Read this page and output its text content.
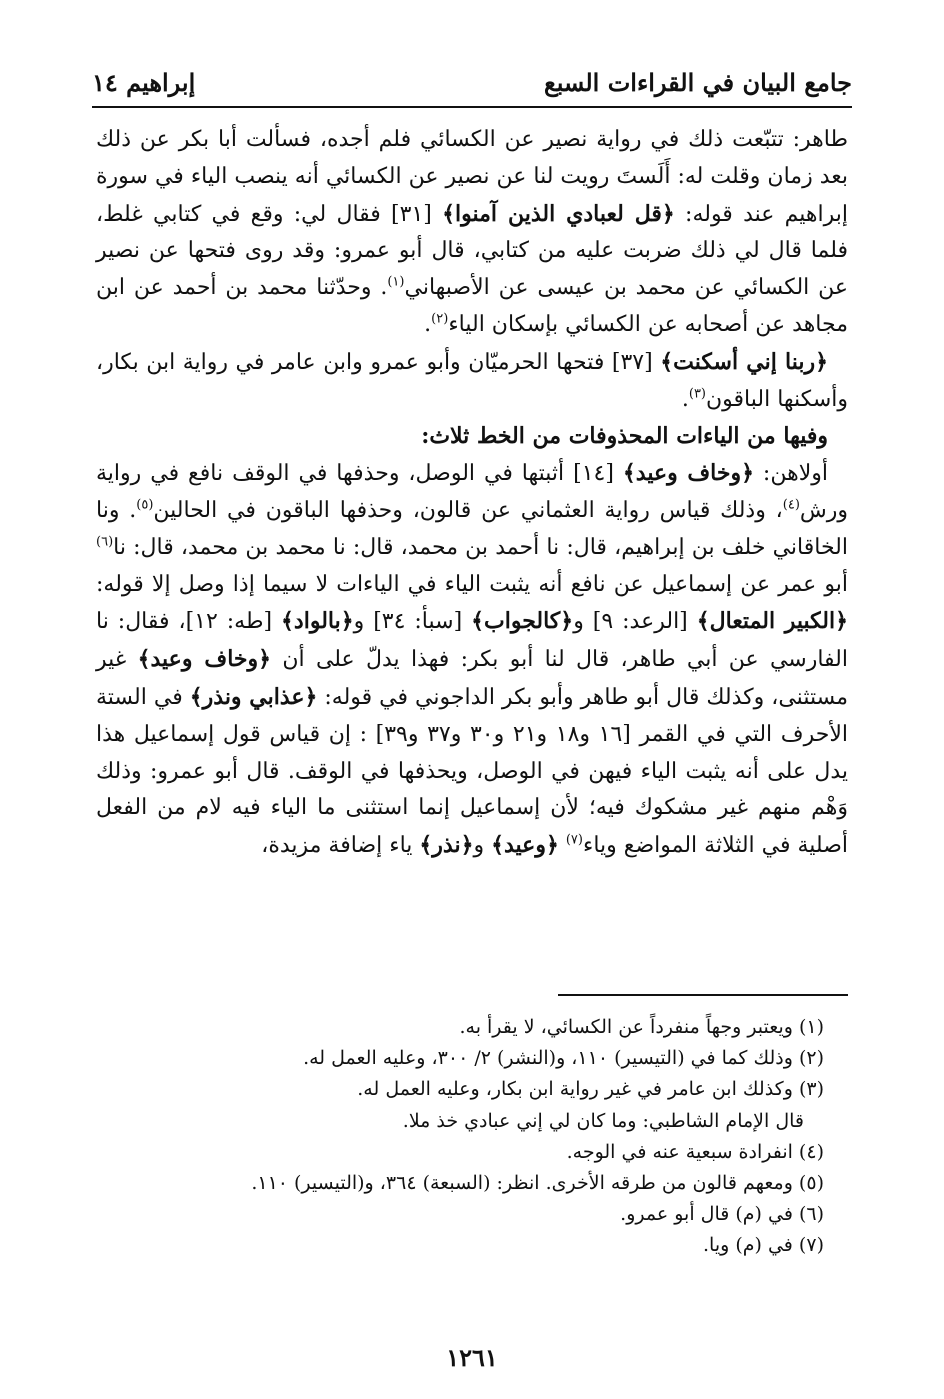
جامع البيان في القراءات السبع
إبراهيم ١٤

طاهر: تتبّعت ذلك في رواية نصير عن الكسائي فلم أجده، فسألت أبا بكر عن ذلك بعد زمان وقلت له: أَلَستَ رويت لنا عن نصير عن الكسائي أنه ينصب الياء في سورة إبراهيم عند قوله: ﴿قل لعبادي الذين آمنوا﴾ [٣١] فقال لي: وقع في كتابي غلط، فلما قال لي ذلك ضربت عليه من كتابي، قال أبو عمرو: وقد روى فتحها عن نصير عن الكسائي عن محمد بن عيسى عن الأصبهاني$^{(١)}$. وحدّثنا محمد بن أحمد عن ابن مجاهد عن أصحابه عن الكسائي بإسكان الياء$^{(٢)}$.

﴿ربنا إني أسكنت﴾ [٣٧] فتحها الحرميّان وأبو عمرو وابن عامر في رواية ابن بكار، وأسكنها الباقون$^{(٣)}$.

وفيها من الياءات المحذوفات من الخط ثلاث:

أولاهن: ﴿وخاف وعيد﴾ [١٤] أثبتها في الوصل، وحذفها في الوقف نافع في رواية ورش$^{(٤)}$، وذلك قياس رواية العثماني عن قالون، وحذفها الباقون في الحالين$^{(٥)}$. ونا الخاقاني خلف بن إبراهيم، قال: نا أحمد بن محمد، قال: نا محمد بن محمد، قال: نا$^{(٦)}$ أبو عمر عن إسماعيل عن نافع أنه يثبت الياء في الياءات لا سيما إذا وصل إلا قوله: ﴿الكبير المتعال﴾ [الرعد: ٩] و﴿كالجواب﴾ [سبأ: ٣٤] و﴿بالواد﴾ [طه: ١٢]، فقال: نا الفارسي عن أبي طاهر، قال لنا أبو بكر: فهذا يدلّ على أن ﴿وخاف وعيد﴾ غير مستثنى، وكذلك قال أبو طاهر وأبو بكر الداجوني في قوله: ﴿عذابي ونذر﴾ في الستة الأحرف التي في القمر [١٦ و١٨ و٢١ و٣٠ و٣٧ و٣٩] : إن قياس قول إسماعيل هذا يدل على أنه يثبت الياء فيهن في الوصل، ويحذفها في الوقف. قال أبو عمرو: وذلك وَهْم منهم غير مشكوك فيه؛ لأن إسماعيل إنما استثنى ما الياء فيه لام من الفعل أصلية في الثلاثة المواضع وياء$^{(٧)}$ ﴿وعيد﴾ و﴿نذر﴾ ياء إضافة مزيدة،

(١) ويعتبر وجهاً منفرداً عن الكسائي، لا يقرأ به.
(٢) وذلك كما في (التيسير) ١١٠، و(النشر) ٢/ ٣٠٠، وعليه العمل له.
(٣) وكذلك ابن عامر في غير رواية ابن بكار، وعليه العمل له.
قال الإمام الشاطبي: وما كان لي إني عبادي خذ ملا.
(٤) انفرادة سبعية عنه في الوجه.
(٥) ومعهم قالون من طرقه الأخرى. انظر: (السبعة) ٣٦٤، و(التيسير) ١١٠.
(٦) في (م) قال أبو عمرو.
(٧) في (م) ويا.
١٢٦١
